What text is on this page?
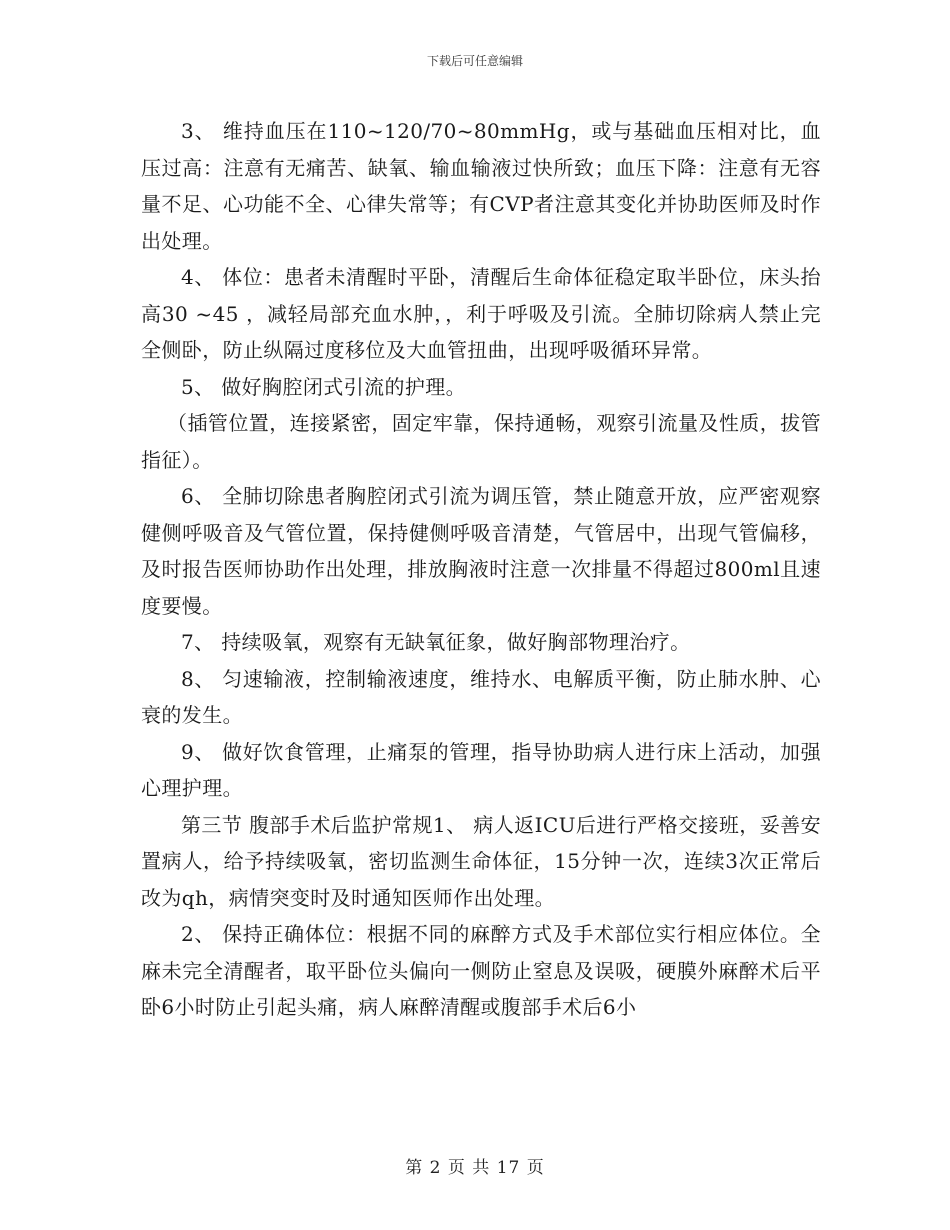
下载后可任意编辑

3、 维持血压在110~120/70~80mmHg，或与基础血压相对比，血压过高：注意有无痛苦、缺氧、输血输液过快所致；血压下降：注意有无容量不足、心功能不全、心律失常等；有CVP者注意其变化并协助医师及时作出处理。

4、 体位：患者未清醒时平卧，清醒后生命体征稳定取半卧位，床头抬高30 ~45 ，减轻局部充血水肿，，利于呼吸及引流。全肺切除病人禁止完全侧卧，防止纵隔过度移位及大血管扭曲，出现呼吸循环异常。

5、 做好胸腔闭式引流的护理。

（插管位置，连接紧密，固定牢靠，保持通畅，观察引流量及性质，拔管指征）。

6、 全肺切除患者胸腔闭式引流为调压管，禁止随意开放，应严密观察健侧呼吸音及气管位置，保持健侧呼吸音清楚，气管居中，出现气管偏移，及时报告医师协助作出处理，排放胸液时注意一次排量不得超过800ml且速度要慢。

7、 持续吸氧，观察有无缺氧征象，做好胸部物理治疗。

8、 匀速输液，控制输液速度，维持水、电解质平衡，防止肺水肿、心衰的发生。

9、 做好饮食管理，止痛泵的管理，指导协助病人进行床上活动，加强心理护理。

第三节 腹部手术后监护常规1、 病人返ICU后进行严格交接班，妥善安置病人，给予持续吸氧，密切监测生命体征，15分钟一次，连续3次正常后改为qh，病情突变时及时通知医师作出处理。

2、 保持正确体位：根据不同的麻醉方式及手术部位实行相应体位。全麻未完全清醒者，取平卧位头偏向一侧防止窒息及误吸，硬膜外麻醉术后平卧6小时防止引起头痛，病人麻醉清醒或腹部手术后6小

第 2 页 共 17 页
